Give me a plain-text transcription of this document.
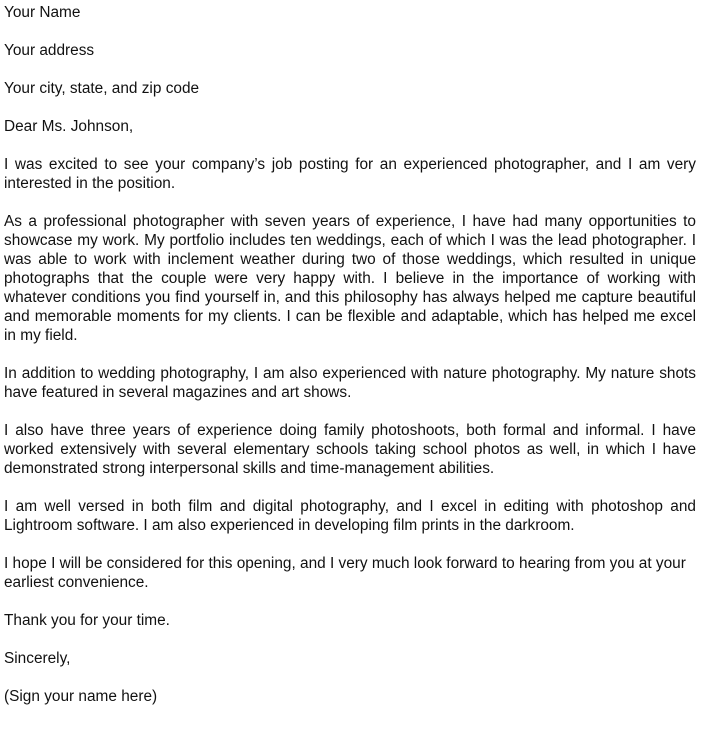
Your Name
Your address
Your city, state, and zip code
Dear Ms. Johnson,
I was excited to see your company’s job posting for an experienced photographer, and I am very interested in the position.
As a professional photographer with seven years of experience, I have had many opportunities to showcase my work. My portfolio includes ten weddings, each of which I was the lead photographer. I was able to work with inclement weather during two of those weddings, which resulted in unique photographs that the couple were very happy with. I believe in the importance of working with whatever conditions you find yourself in, and this philosophy has always helped me capture beautiful and memorable moments for my clients. I can be flexible and adaptable, which has helped me excel in my field.
In addition to wedding photography, I am also experienced with nature photography. My nature shots have featured in several magazines and art shows.
I also have three years of experience doing family photoshoots, both formal and informal. I have worked extensively with several elementary schools taking school photos as well, in which I have demonstrated strong interpersonal skills and time-management abilities.
I am well versed in both film and digital photography, and I excel in editing with photoshop and Lightroom software. I am also experienced in developing film prints in the darkroom.
I hope I will be considered for this opening, and I very much look forward to hearing from you at your earliest convenience.
Thank you for your time.
Sincerely,
(Sign your name here)
